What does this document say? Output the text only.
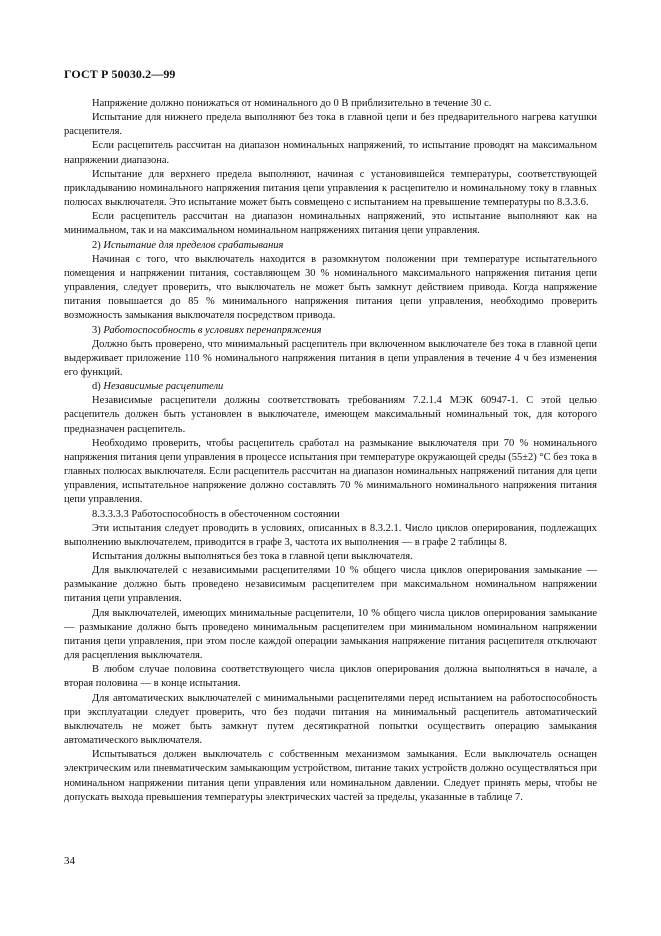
ГОСТ Р 50030.2—99

Напряжение должно понижаться от номинального до 0 В приблизительно в течение 30 с.

Испытание для нижнего предела выполняют без тока в главной цепи и без предварительного нагрева катушки расцепителя.

Если расцепитель рассчитан на диапазон номинальных напряжений, то испытание проводят на максимальном напряжении диапазона.

Испытание для верхнего предела выполняют, начиная с установившейся температуры, соответствующей прикладыванию номинального напряжения питания цепи управления к расцепителю и номинальному току в главных полюсах выключателя. Это испытание может быть совмещено с испытанием на превышение температуры по 8.3.3.6.

Если расцепитель рассчитан на диапазон номинальных напряжений, это испытание выполняют как на минимальном, так и на максимальном номинальном напряжениях питания цепи управления.

2) Испытание для пределов срабатывания

Начиная с того, что выключатель находится в разомкнутом положении при температуре испытательного помещения и напряжении питания, составляющем 30 % номинального максимального напряжения питания цепи управления, следует проверить, что выключатель не может быть замкнут действием привода. Когда напряжение питания повышается до 85 % минимального напряжения питания цепи управления, необходимо проверить возможность замыкания выключателя посредством привода.

3) Работоспособность в условиях перенапряжения

Должно быть проверено, что минимальный расцепитель при включенном выключателе без тока в главной цепи выдерживает приложение 110 % номинального напряжения питания в цепи управления в течение 4 ч без изменения его функций.

d) Независимые расцепители

Независимые расцепители должны соответствовать требованиям 7.2.1.4 МЭК 60947-1. С этой целью расцепитель должен быть установлен в выключателе, имеющем максимальный номинальный ток, для которого предназначен расцепитель.

Необходимо проверить, чтобы расцепитель сработал на размыкание выключателя при 70 % номинального напряжения питания цепи управления в процессе испытания при температуре окружающей среды (55±2) °С без тока в главных полюсах выключателя. Если расцепитель рассчитан на диапазон номинальных напряжений питания для цепи управления, испытательное напряжение должно составлять 70 % минимального номинального напряжения питания цепи управления.

8.3.3.3.3 Работоспособность в обесточенном состоянии

Эти испытания следует проводить в условиях, описанных в 8.3.2.1. Число циклов оперирования, подлежащих выполнению выключателем, приводится в графе 3, частота их выполнения — в графе 2 таблицы 8.

Испытания должны выполняться без тока в главной цепи выключателя.

Для выключателей с независимыми расцепителями 10 % общего числа циклов оперирования замыкание — размыкание должно быть проведено независимым расцепителем при максимальном номинальном напряжении питания цепи управления.

Для выключателей, имеющих минимальные расцепители, 10 % общего числа циклов оперирования замыкание — размыкание должно быть проведено минимальным расцепителем при минимальном номинальном напряжении питания цепи управления, при этом после каждой операции замыкания напряжение питания расцепителя отключают для расцепления выключателя.

В любом случае половина соответствующего числа циклов оперирования должна выполняться в начале, а вторая половина — в конце испытания.

Для автоматических выключателей с минимальными расцепителями перед испытанием на работоспособность при эксплуатации следует проверить, что без подачи питания на минимальный расцепитель автоматический выключатель не может быть замкнут путем десятикратной попытки осуществить операцию замыкания автоматического выключателя.

Испытываться должен выключатель с собственным механизмом замыкания. Если выключатель оснащен электрическим или пневматическим замыкающим устройством, питание таких устройств должно осуществляться при номинальном напряжении питания цепи управления или номинальном давлении. Следует принять меры, чтобы не допускать выхода превышения температуры электрических частей за пределы, указанные в таблице 7.

34
